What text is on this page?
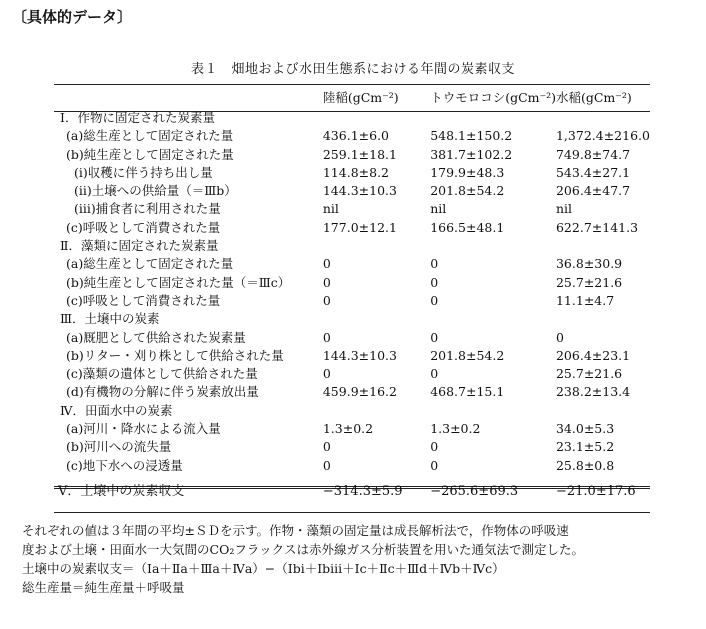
〔具体的データ〕
表１　畑地および水田生態系における年間の炭素収支
	陸稲(gCm⁻²)	トウモロコシ(gCm⁻²)	水稲(gCm⁻²)
Ⅰ．作物に固定された炭素量			
(a)総生産として固定された量	436.1±6.0	548.1±150.2	1,372.4±216.0
(b)純生産として固定された量	259.1±18.1	381.7±102.2	749.8±74.7
(i)収穫に伴う持ち出し量	114.8±8.2	179.9±48.3	543.4±27.1
(ii)土壌への供給量（＝Ⅲb）	144.3±10.3	201.8±54.2	206.4±47.7
(iii)捕食者に利用された量	nil	nil	nil
(c)呼吸として消費された量	177.0±12.1	166.5±48.1	622.7±141.3
Ⅱ．藻類に固定された炭素量			
(a)総生産として固定された量	0	0	36.8±30.9
(b)純生産として固定された量（＝Ⅲc）	0	0	25.7±21.6
(c)呼吸として消費された量	0	0	11.1±4.7
Ⅲ．土壌中の炭素			
(a)厩肥として供給された炭素量	0	0	0
(b)リター・刈り株として供給された量	144.3±10.3	201.8±54.2	206.4±23.1
(c)藻類の遺体として供給された量	0	0	25.7±21.6
(d)有機物の分解に伴う炭素放出量	459.9±16.2	468.7±15.1	238.2±13.4
Ⅳ．田面水中の炭素			
(a)河川・降水による流入量	1.3±0.2	1.3±0.2	34.0±5.3
(b)河川への流失量	0	0	23.1±5.2
(c)地下水への浸透量	0	0	25.8±0.8

Ⅴ．土壌中の炭素収支	−314.3±5.9	−265.6±69.3	−21.0±17.6
それぞれの値は３年間の平均±ＳＤを示す。作物・藻類の固定量は成長解析法で，作物体の呼吸速
度および土壌・田面水一大気間のCO₂フラックスは赤外線ガス分析装置を用いた通気法で測定した。
土壌中の炭素収支＝（Ⅰa＋Ⅱa＋Ⅲa＋Ⅳa）−（Ⅰbi＋Ⅰbiii＋Ⅰc＋Ⅱc＋Ⅲd＋Ⅳb＋Ⅳc）
総生産量＝純生産量＋呼吸量
